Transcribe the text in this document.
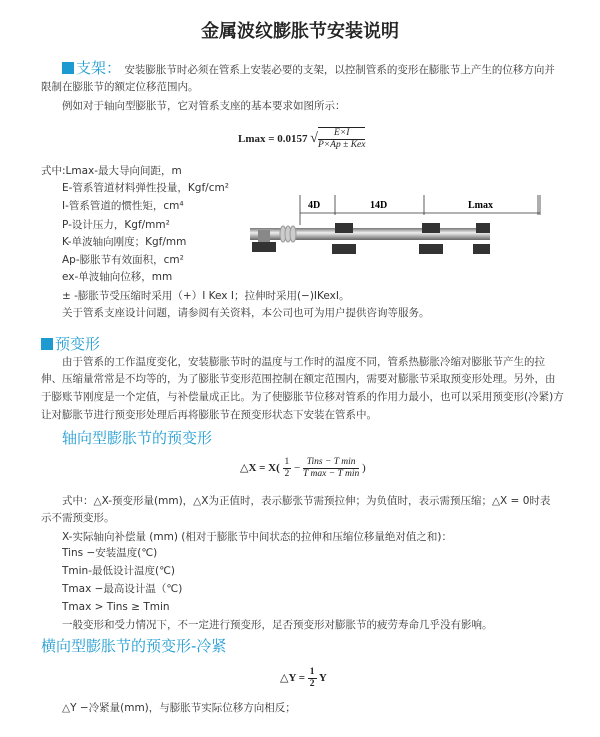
金属波纹膨胀节安装说明
支架： 安装膨胀节时必须在管系上安装必要的支架，以控制管系的变形在膨胀节上产生的位移方向并
限制在膨胀节的额定位移范围内。
例如对于轴向型膨胀节，它对管系支座的基本要求如图所示：
Lmax = 0.0157 √ $\frac{E\times I}{\text{P×Ap ± Kex}}$
式中:Lmax-最大导向间距，m
E-管系管道材料弹性投量，Kgf/cm²
I-管系管道的惯性矩，cm⁴
P-设计压力，Kgf/mm²
K-单波轴向刚度；Kgf/mm
Ap-膨胀节有效面积，cm²
ex-单波轴向位移，mm
± -膨胀节受压缩时采用（+）I Kex I；拉伸时采用(−)IKexI。
关于管系支座设计问题，请参阅有关资料，本公司也可为用户提供咨询等服务。
4D	14D	Lmax
预变形
由于管系的工作温度变化，安装膨胀节时的温度与工作时的温度不同，管系热膨胀冷缩对膨胀节产生的拉
伸、压缩量常常是不均等的，为了膨胀节变形范围控制在额定范围内，需要对膨胀节采取预变形处理。另外，由
于膨账节刚度是一个定值，与补偿量成正比。为了使膨胀节位移对管系的作用力最小，也可以采用预变形(冷紧)方
让对膨胀节进行预变形处理后再将膨胀节在预变形状态下安装在管系中。
轴向型膨胀节的预变形
△X = $X( \frac{1}{2} - \frac{\text{Tins − T min}}{\text{T max − T min}}$ )
式中：△X-预变形量(mm)，△X为正值时，表示膨张节需预拉伸；为负值时，表示需预压缩；△X = 0时表
示不需预变形。
X-实际轴向补偿量 (mm) (相对于膨胀节中间状态的拉伸和压缩位移量绝对值之和)：
Tins −安装温度(℃)
Tmin-最低设计温度(℃)
Tmax −最高设计温（℃)
Tmax > Tins ≥ Tmin
一般变形和受力情况下，不一定进行预变形，足否预变形对膨胀节的疲劳寿命几乎没有影响。
横向型膨胀节的预变形-冷紧
△Y = $\frac{1}{2}$ Y
△Y −冷紧量(mm)，与膨胀节实际位移方向相反；
